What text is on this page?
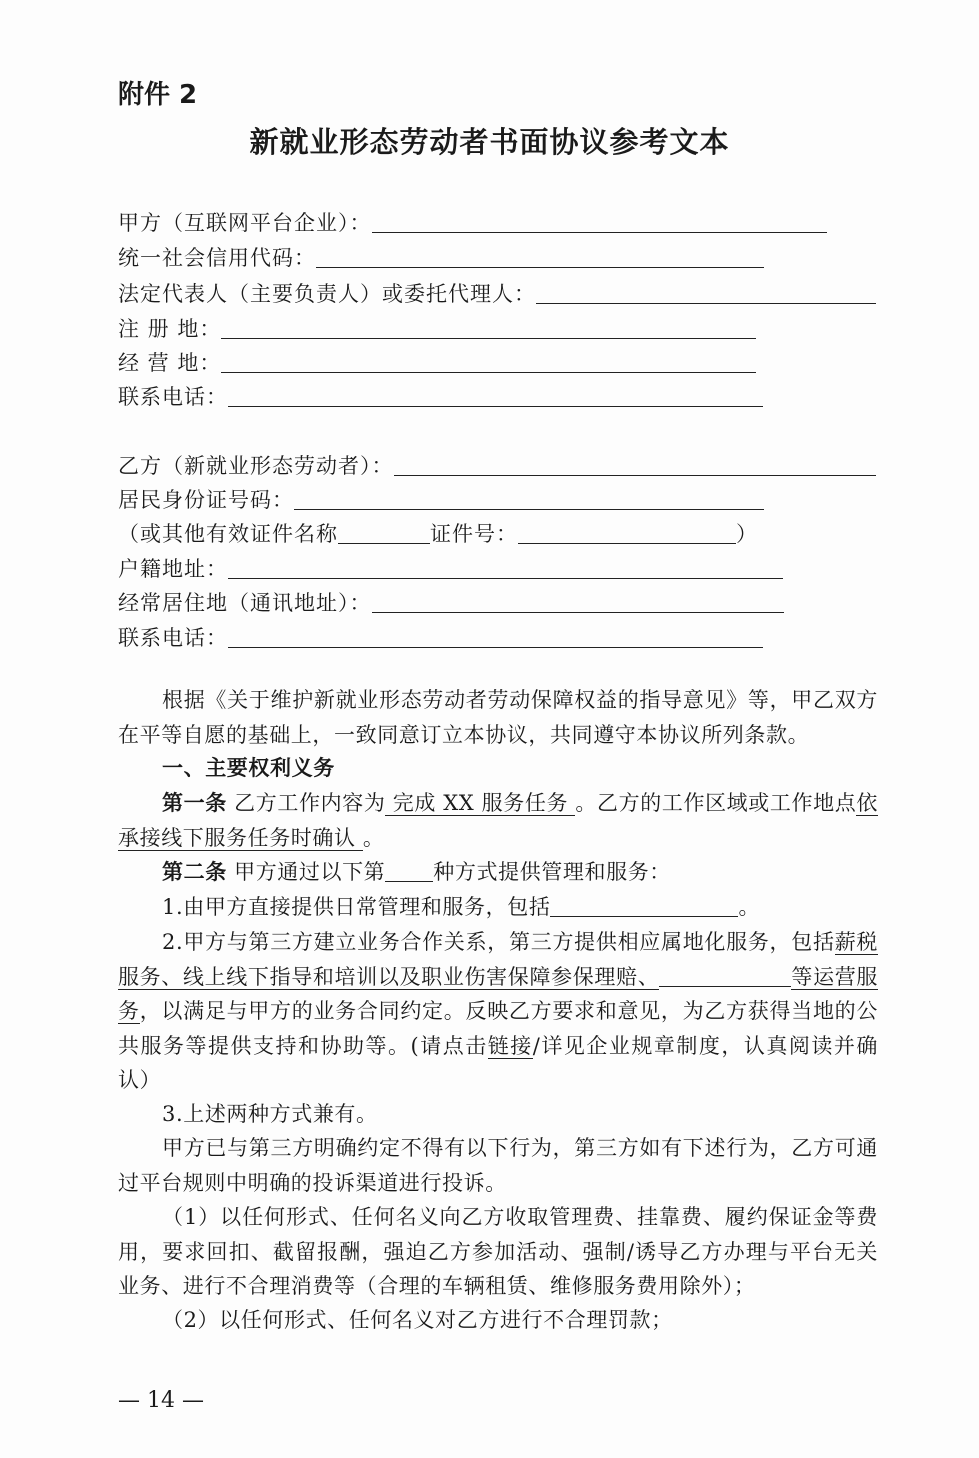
附件 2
新就业形态劳动者书面协议参考文本
甲方（互联网平台企业）：
统一社会信用代码：
法定代表人（主要负责人）或委托代理人：
注 册 地：
经 营 地：
联系电话：
乙方（新就业形态劳动者）：
居民身份证号码：
（或其他有效证件名称	证件号：	）
户籍地址：
经常居住地（通讯地址）：
联系电话：
根据《关于维护新就业形态劳动者劳动保障权益的指导意见》等，甲乙双方在平等自愿的基础上，一致同意订立本协议，共同遵守本协议所列条款。
一、主要权利义务
第一条 乙方工作内容为 完成 XX 服务任务 。乙方的工作区域或工作地点依承接线下服务任务时确认 。
第二条 甲方通过以下第 种方式提供管理和服务：
1.由甲方直接提供日常管理和服务，包括	。
2.甲方与第三方建立业务合作关系，第三方提供相应属地化服务，包括薪税服务、线上线下指导和培训以及职业伤害保障参保理赔、	等运营服务，以满足与甲方的业务合同约定。反映乙方要求和意见，为乙方获得当地的公共服务等提供支持和协助等。(请点击链接/详见企业规章制度，认真阅读并确认）
3.上述两种方式兼有。
甲方已与第三方明确约定不得有以下行为，第三方如有下述行为，乙方可通过平台规则中明确的投诉渠道进行投诉。
（1）以任何形式、任何名义向乙方收取管理费、挂靠费、履约保证金等费用，要求回扣、截留报酬，强迫乙方参加活动、强制/诱导乙方办理与平台无关业务、进行不合理消费等（合理的车辆租赁、维修服务费用除外）；
（2）以任何形式、任何名义对乙方进行不合理罚款；
— 14 —
